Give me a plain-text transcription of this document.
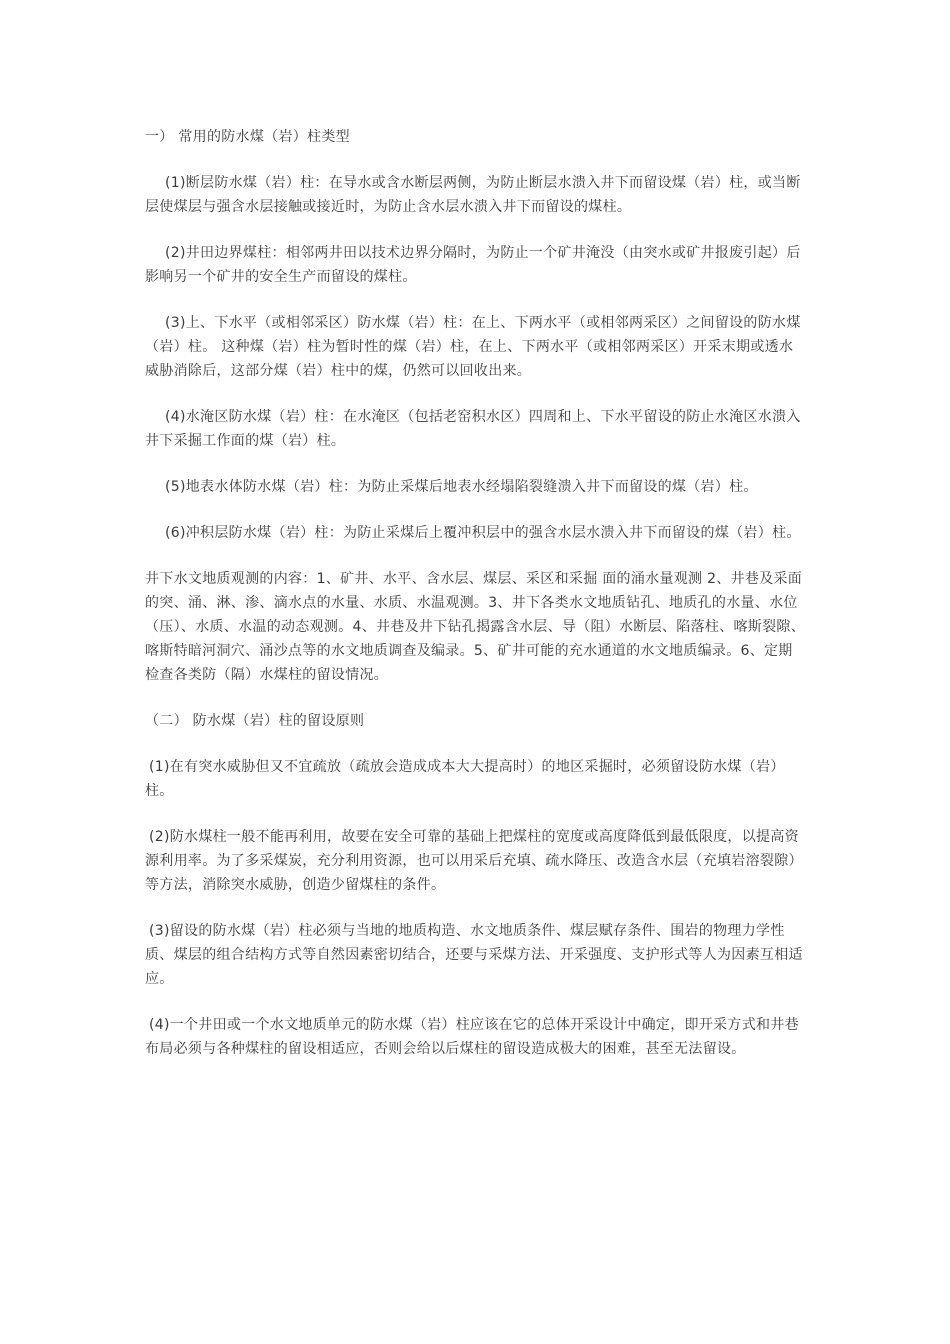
一） 常用的防水煤（岩）柱类型

(1)断层防水煤（岩）柱：在导水或含水断层两侧，为防止断层水溃入井下而留设煤（岩）柱，或当断层使煤层与强含水层接触或接近时，为防止含水层水溃入井下而留设的煤柱。

(2)井田边界煤柱：相邻两井田以技术边界分隔时，为防止一个矿井淹没（由突水或矿井报废引起）后影响另一个矿井的安全生产而留设的煤柱。

(3)上、下水平（或相邻采区）防水煤（岩）柱：在上、下两水平（或相邻两采区）之间留设的防水煤（岩）柱。 这种煤（岩）柱为暂时性的煤（岩）柱，在上、下两水平（或相邻两采区）开采末期或透水威胁消除后，这部分煤（岩）柱中的煤，仍然可以回收出来。

(4)水淹区防水煤（岩）柱：在水淹区（包括老窑积水区）四周和上、下水平留设的防止水淹区水溃入井下采掘工作面的煤（岩）柱。

(5)地表水体防水煤（岩）柱：为防止采煤后地表水经塌陷裂缝溃入井下而留设的煤（岩）柱。

(6)冲积层防水煤（岩）柱：为防止采煤后上覆冲积层中的强含水层水溃入井下而留设的煤（岩）柱。

井下水文地质观测的内容：1、矿井、水平、含水层、煤层、采区和采掘 面的涌水量观测 2、井巷及采面的突、涌、淋、渗、滴水点的水量、水质、水温观测。3、井下各类水文地质钻孔、地质孔的水量、水位（压）、水质、水温的动态观测。4、井巷及井下钻孔揭露含水层、导（阻）水断层、陷落柱、喀斯裂隙、喀斯特暗河洞穴、涌沙点等的水文地质调查及编录。5、矿井可能的充水通道的水文地质编录。6、定期检查各类防（隔）水煤柱的留设情况。

（二） 防水煤（岩）柱的留设原则

(1)在有突水威胁但又不宜疏放（疏放会造成成本大大提高时）的地区采掘时，必须留设防水煤（岩）柱。

(2)防水煤柱一般不能再利用，故要在安全可靠的基础上把煤柱的宽度或高度降低到最低限度，以提高资源利用率。为了多采煤炭，充分利用资源，也可以用采后充填、疏水降压、改造含水层（充填岩溶裂隙）等方法，消除突水威胁，创造少留煤柱的条件。

(3)留设的防水煤（岩）柱必须与当地的地质构造、水文地质条件、煤层赋存条件、围岩的物理力学性质、煤层的组合结构方式等自然因素密切结合，还要与采煤方法、开采强度、支护形式等人为因素互相适应。

(4)一个井田或一个水文地质单元的防水煤（岩）柱应该在它的总体开采设计中确定，即开采方式和井巷布局必须与各种煤柱的留设相适应，否则会给以后煤柱的留设造成极大的困难，甚至无法留设。
